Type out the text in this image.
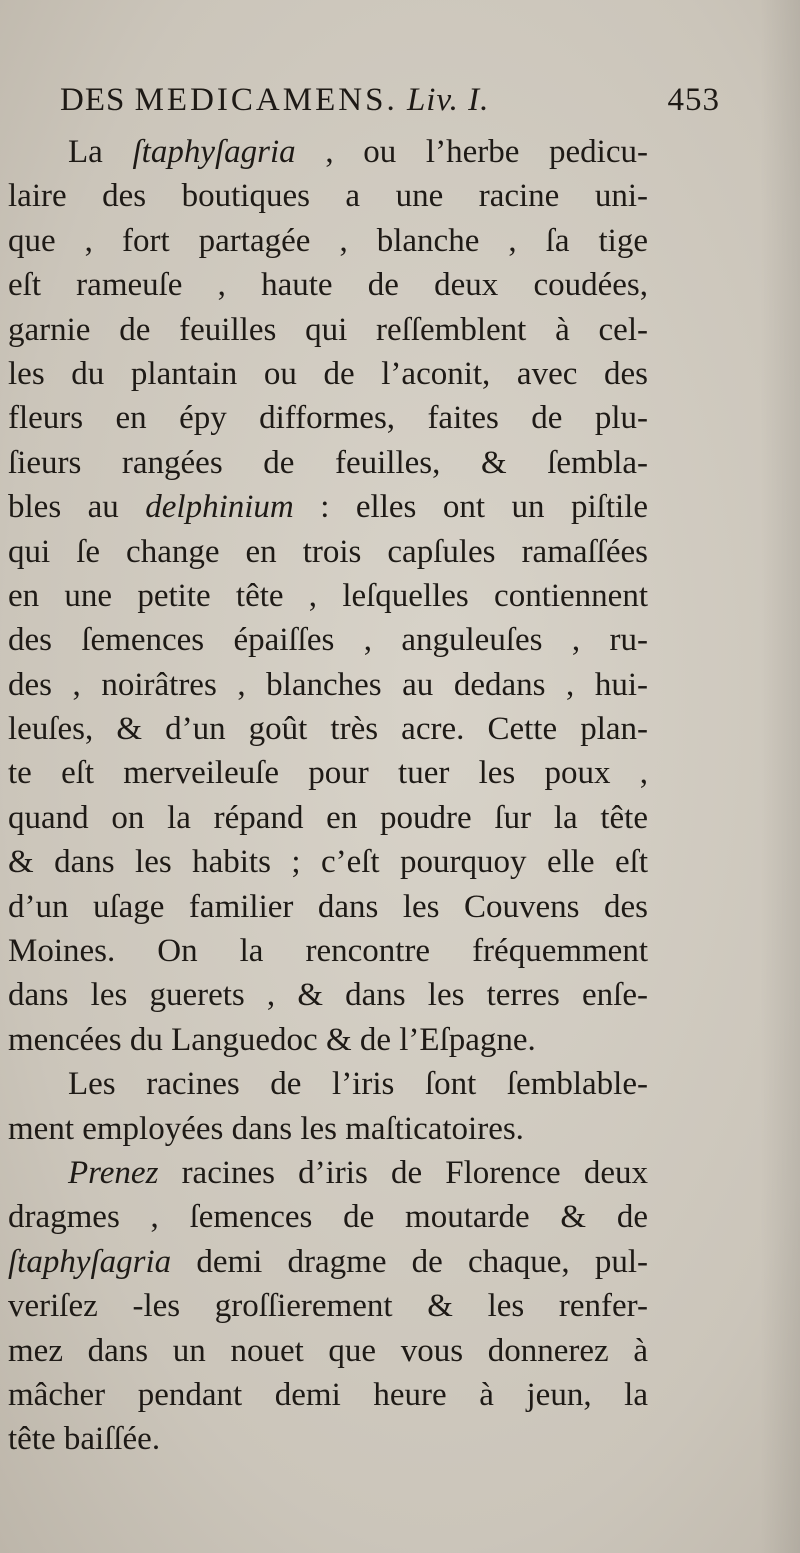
DES MEDICAMENS. Liv. I.	453
La ſtaphyſagria , ou l’herbe pedicu-
laire des boutiques a une racine uni-
que , fort partagée , blanche , ſa tige
eſt rameuſe , haute de deux coudées,
garnie de feuilles qui reſſemblent à cel-
les du plantain ou de l’aconit, avec des
fleurs en épy difformes, faites de plu-
ſieurs rangées de feuilles, & ſembla-
bles au delphinium : elles ont un piſtile
qui ſe change en trois capſules ramaſſées
en une petite tête , leſquelles contiennent
des ſemences épaiſſes , anguleuſes , ru-
des , noirâtres , blanches au dedans , hui-
leuſes, & d’un goût très acre. Cette plan-
te eſt merveileuſe pour tuer les poux ,
quand on la répand en poudre ſur la tête
& dans les habits ; c’eſt pourquoy elle eſt
d’un uſage familier dans les Couvens des
Moines. On la rencontre fréquemment
dans les guerets , & dans les terres enſe-
mencées du Languedoc & de l’Eſpagne.
Les racines de l’iris ſont ſemblable-
ment employées dans les maſticatoires.
Prenez racines d’iris de Florence deux
dragmes , ſemences de moutarde & de
ſtaphyſagria demi dragme de chaque, pul-
veriſez -les groſſierement & les renfer-
mez dans un nouet que vous donnerez à
mâcher pendant demi heure à jeun, la
tête baiſſée.
